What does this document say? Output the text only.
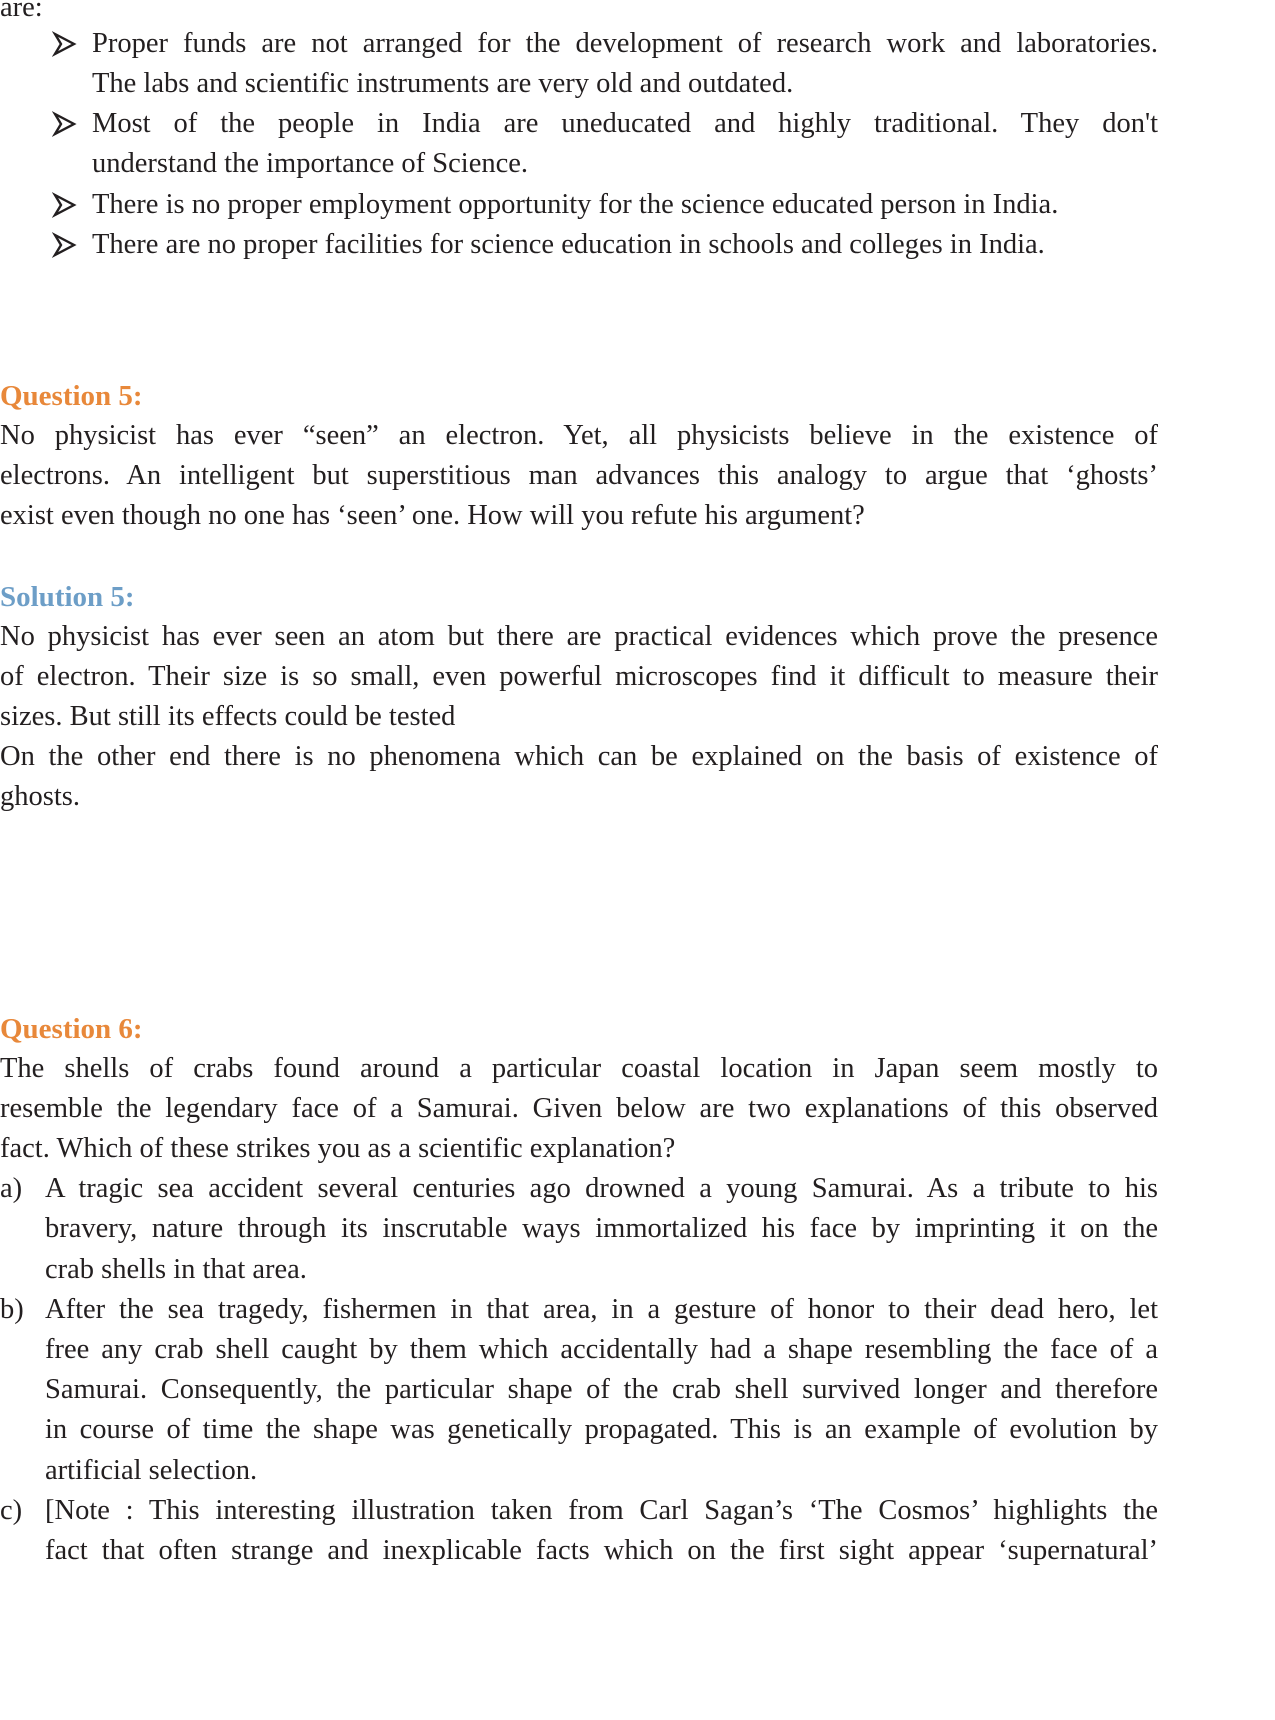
are:

Proper funds are not arranged for the development of research work and laboratories.

The labs and scientific instruments are very old and outdated.

Most of the people in India are uneducated and highly traditional. They don't

understand the importance of Science.

There is no proper employment opportunity for the science educated person in India.

There are no proper facilities for science education in schools and colleges in India.

Question 5:

No physicist has ever “seen” an electron. Yet, all physicists believe in the existence of

electrons. An intelligent but superstitious man advances this analogy to argue that ‘ghosts’

exist even though no one has ‘seen’ one. How will you refute his argument?

Solution 5:

No physicist has ever seen an atom but there are practical evidences which prove the presence

of electron. Their size is so small, even powerful microscopes find it difficult to measure their

sizes. But still its effects could be tested

On the other end there is no phenomena which can be explained on the basis of existence of

ghosts.

Question 6:

The shells of crabs found around a particular coastal location in Japan seem mostly to

resemble the legendary face of a Samurai. Given below are two explanations of this observed

fact. Which of these strikes you as a scientific explanation?

a) A tragic sea accident several centuries ago drowned a young Samurai. As a tribute to his

bravery, nature through its inscrutable ways immortalized his face by imprinting it on the

crab shells in that area.

b) After the sea tragedy, fishermen in that area, in a gesture of honor to their dead hero, let

free any crab shell caught by them which accidentally had a shape resembling the face of a

Samurai. Consequently, the particular shape of the crab shell survived longer and therefore

in course of time the shape was genetically propagated. This is an example of evolution by

artificial selection.

c) [Note : This interesting illustration taken from Carl Sagan’s ‘The Cosmos’ highlights the

fact that often strange and inexplicable facts which on the first sight appear ‘supernatural’
